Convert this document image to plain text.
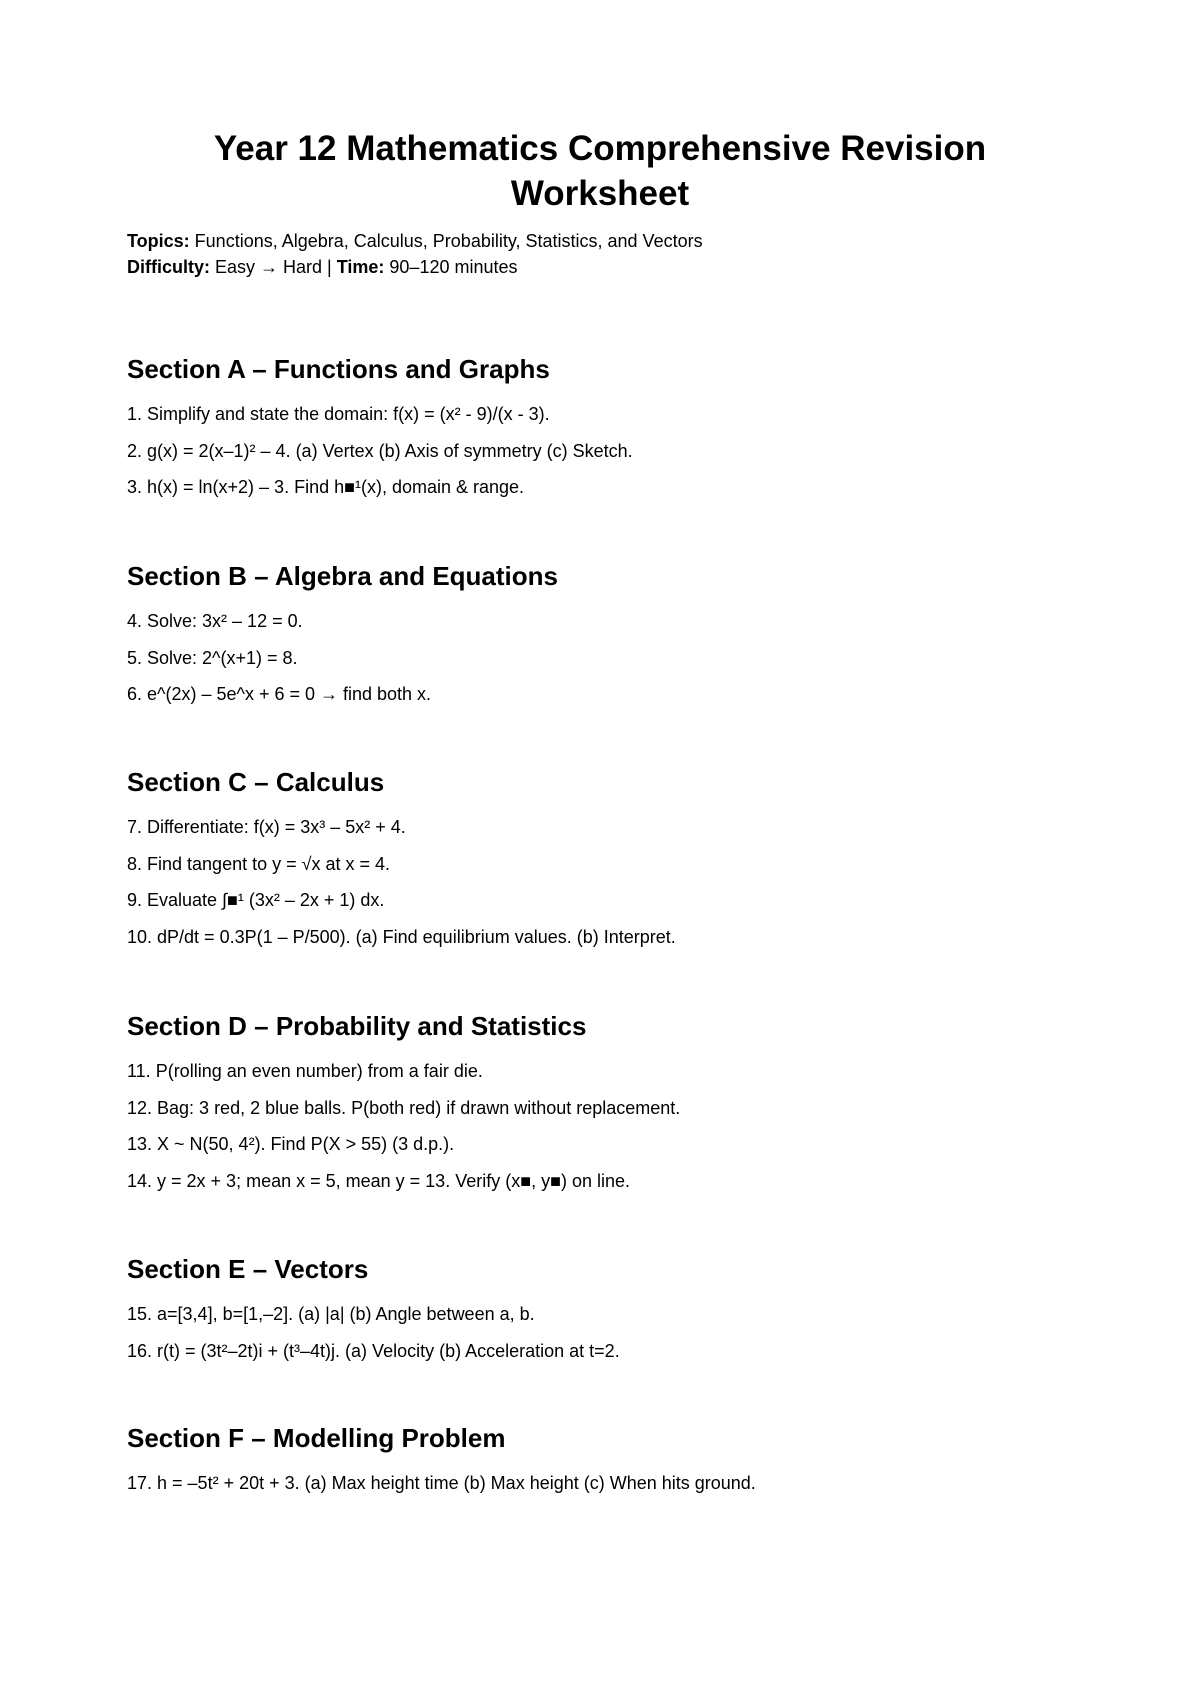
Year 12 Mathematics Comprehensive Revision
Worksheet
Topics: Functions, Algebra, Calculus, Probability, Statistics, and Vectors
Difficulty: Easy → Hard | Time: 90–120 minutes
Section A – Functions and Graphs
1. Simplify and state the domain: f(x) = (x² - 9)/(x - 3).
2. g(x) = 2(x–1)² – 4. (a) Vertex (b) Axis of symmetry (c) Sketch.
3. h(x) = ln(x+2) – 3. Find h■¹(x), domain & range.
Section B – Algebra and Equations
4. Solve: 3x² – 12 = 0.
5. Solve: 2^(x+1) = 8.
6. e^(2x) – 5e^x + 6 = 0 → find both x.
Section C – Calculus
7. Differentiate: f(x) = 3x³ – 5x² + 4.
8. Find tangent to y = √x at x = 4.
9. Evaluate ∫■¹ (3x² – 2x + 1) dx.
10. dP/dt = 0.3P(1 – P/500). (a) Find equilibrium values. (b) Interpret.
Section D – Probability and Statistics
11. P(rolling an even number) from a fair die.
12. Bag: 3 red, 2 blue balls. P(both red) if drawn without replacement.
13. X ~ N(50, 4²). Find P(X > 55) (3 d.p.).
14. y = 2x + 3; mean x = 5, mean y = 13. Verify (x■, y■) on line.
Section E – Vectors
15. a=[3,4], b=[1,–2]. (a) |a| (b) Angle between a, b.
16. r(t) = (3t²–2t)i + (t³–4t)j. (a) Velocity (b) Acceleration at t=2.
Section F – Modelling Problem
17. h = –5t² + 20t + 3. (a) Max height time (b) Max height (c) When hits ground.
